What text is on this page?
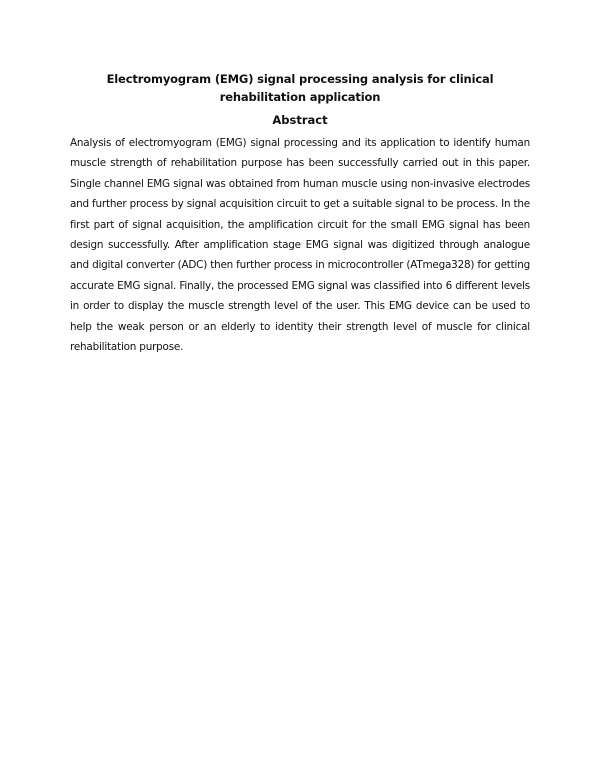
Electromyogram (EMG) signal processing analysis for clinical rehabilitation application
Abstract

Analysis of electromyogram (EMG) signal processing and its application to identify human muscle strength of rehabilitation purpose has been successfully carried out in this paper. Single channel EMG signal was obtained from human muscle using non-invasive electrodes and further process by signal acquisition circuit to get a suitable signal to be process. In the first part of signal acquisition, the amplification circuit for the small EMG signal has been design successfully. After amplification stage EMG signal was digitized through analogue and digital converter (ADC) then further process in microcontroller (ATmega328) for getting accurate EMG signal. Finally, the processed EMG signal was classified into 6 different levels in order to display the muscle strength level of the user. This EMG device can be used to help the weak person or an elderly to identity their strength level of muscle for clinical rehabilitation purpose.
